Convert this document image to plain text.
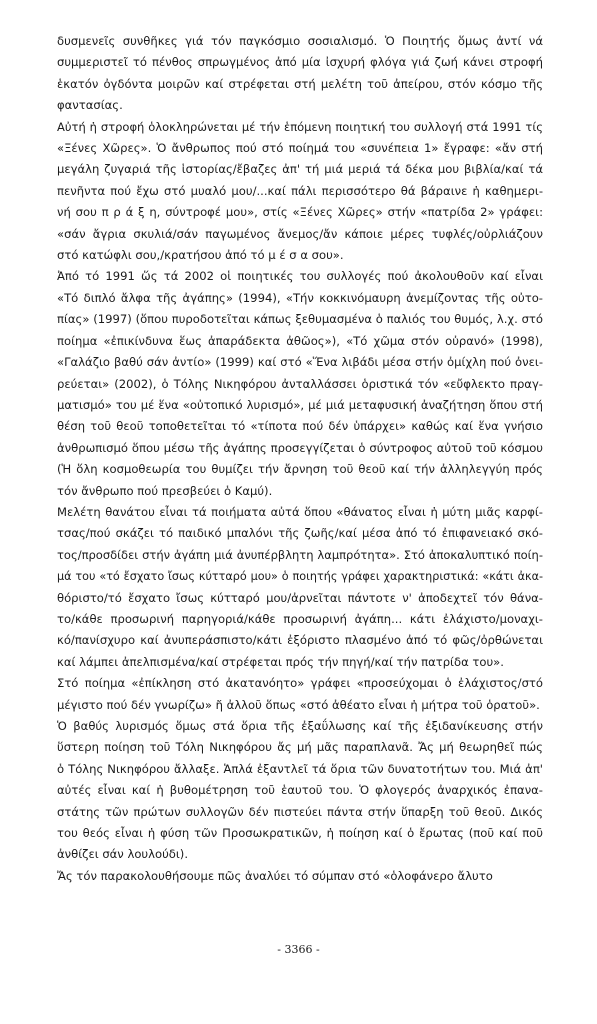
δυσμενεῖς συνθῆκες γιά τόν παγκόσμιο σοσιαλισμό. Ὁ Ποιητής ὅμως ἀντί νά
συμμεριστεῖ τό πένθος σπρωγμένος ἀπό μία ἰσχυρή φλόγα γιά ζωή κάνει στροφή
ἑκατόν ὀγδόντα μοιρῶν καί στρέφεται στή μελέτη τοῦ ἀπείρου, στόν κόσμο τῆς
φαντασίας.

Αὐτή ἡ στροφή ὁλοκληρώνεται μέ τήν ἑπόμενη ποιητική του συλλογή στά 1991 τίς
«Ξένες Χῶρες». Ὁ ἄνθρωπος πού στό ποίημά του «συνέπεια 1» ἔγραφε: «ἄν στή
μεγάλη ζυγαριά τῆς ἱστορίας/ἔβαζες ἀπ' τή μιά μεριά τά δέκα μου βιβλία/καί τά
πενῆντα πού ἔχω στό μυαλό μου/...καί πάλι περισσότερο θά βάραινε ἡ καθημερι-
νή σου π ρ ά ξ η, σύντροφέ μου», στίς «Ξένες Χῶρες» στήν «πατρίδα 2» γράφει:
«σάν ἄγρια σκυλιά/σάν παγωμένος ἄνεμος/ἄν κάποιε μέρες τυφλές/οὐρλιάζουν
στό κατώφλι σου,/κρατήσου ἀπό τό μ έ σ α σου».

Ἀπό τό 1991 ὥς τά 2002 οἱ ποιητικές του συλλογές πού ἀκολουθοῦν καί εἶναι
«Τό διπλό ἄλφα τῆς ἀγάπης» (1994), «Τήν κοκκινόμαυρη ἀνεμίζοντας τῆς οὐτο-
πίας» (1997) (ὅπου πυροδοτεῖται κάπως ξεθυμασμένα ὁ παλιός του θυμός, λ.χ. στό
ποίημα «ἐπικίνδυνα ἕως ἀπαράδεκτα ἀθῶος»), «Τό χῶμα στόν οὐρανό» (1998),
«Γαλάζιο βαθύ σάν ἀντίο» (1999) καί στό «Ἕνα λιβάδι μέσα στήν ὀμίχλη πού ὀνει-
ρεύεται» (2002), ὁ Τόλης Νικηφόρου ἀνταλλάσσει ὁριστικά τόν «εὔφλεκτο πραγ-
ματισμό» του μέ ἕνα «οὐτοπικό λυρισμό», μέ μιά μεταφυσική ἀναζήτηση ὅπου στή
θέση τοῦ θεοῦ τοποθετεῖται τό «τίποτα πού δέν ὑπάρχει» καθώς καί ἕνα γνήσιο
ἀνθρωπισμό ὅπου μέσω τῆς ἀγάπης προσεγγίζεται ὁ σύντροφος αὐτοῦ τοῦ κόσμου
(Ἡ ὅλη κοσμοθεωρία του θυμίζει τήν ἄρνηση τοῦ θεοῦ καί τήν ἀλληλεγγύη πρός
τόν ἄνθρωπο πού πρεσβεύει ὁ Καμύ).

Μελέτη θανάτου εἶναι τά ποιήματα αὐτά ὅπου «θάνατος εἶναι ἡ μύτη μιᾶς καρφί-
τσας/πού σκάζει τό παιδικό μπαλόνι τῆς ζωῆς/καί μέσα ἀπό τό ἐπιφανειακό σκό-
τος/προσδίδει στήν ἀγάπη μιά ἀνυπέρβλητη λαμπρότητα». Στό ἀποκαλυπτικό ποίη-
μά του «τό ἔσχατο ἴσως κύτταρό μου» ὁ ποιητής γράφει χαρακτηριστικά: «κάτι ἀκα-
θόριστο/τό ἔσχατο ἴσως κύτταρό μου/ἀρνεῖται πάντοτε ν' ἀποδεχτεῖ τόν θάνα-
το/κάθε προσωρινή παρηγοριά/κάθε προσωρινή ἀγάπη... κάτι ἐλάχιστο/μοναχι-
κό/πανίσχυρο καί ἀνυπεράσπιστο/κάτι ἐξόριστο πλασμένο ἀπό τό φῶς/ὀρθώνεται
καί λάμπει ἀπελπισμένα/καί στρέφεται πρός τήν πηγή/καί τήν πατρίδα του».

Στό ποίημα «ἐπίκληση στό ἀκατανόητο» γράφει «προσεύχομαι ὁ ἐλάχιστος/στό
μέγιστο πού δέν γνωρίζω» ἤ ἀλλοῦ ὅπως «στό ἀθέατο εἶναι ἡ μήτρα τοῦ ὁρατοῦ».

Ὁ βαθύς λυρισμός ὅμως στά ὅρια τῆς ἐξαΰλωσης καί τῆς ἐξιδανίκευσης στήν
ὕστερη ποίηση τοῦ Τόλη Νικηφόρου ἄς μή μᾶς παραπλανᾶ. Ἄς μή θεωρηθεῖ πώς
ὁ Τόλης Νικηφόρου ἄλλαξε. Ἁπλά ἐξαντλεῖ τά ὅρια τῶν δυνατοτήτων του. Μιά ἀπ'
αὐτές εἶναι καί ἡ βυθομέτρηση τοῦ ἑαυτοῦ του. Ὁ φλογερός ἀναρχικός ἐπανα-
στάτης τῶν πρώτων συλλογῶν δέν πιστεύει πάντα στήν ὕπαρξη τοῦ θεοῦ. Δικός
του θεός εἶναι ἡ φύση τῶν Προσωκρατικῶν, ἡ ποίηση καί ὁ ἔρωτας (ποῦ καί ποῦ
ἀνθίζει σάν λουλούδι).

Ἄς τόν παρακολουθήσουμε πῶς ἀναλύει τό σύμπαν στό «ὁλοφάνερο ἄλυτο

- 3366 -
